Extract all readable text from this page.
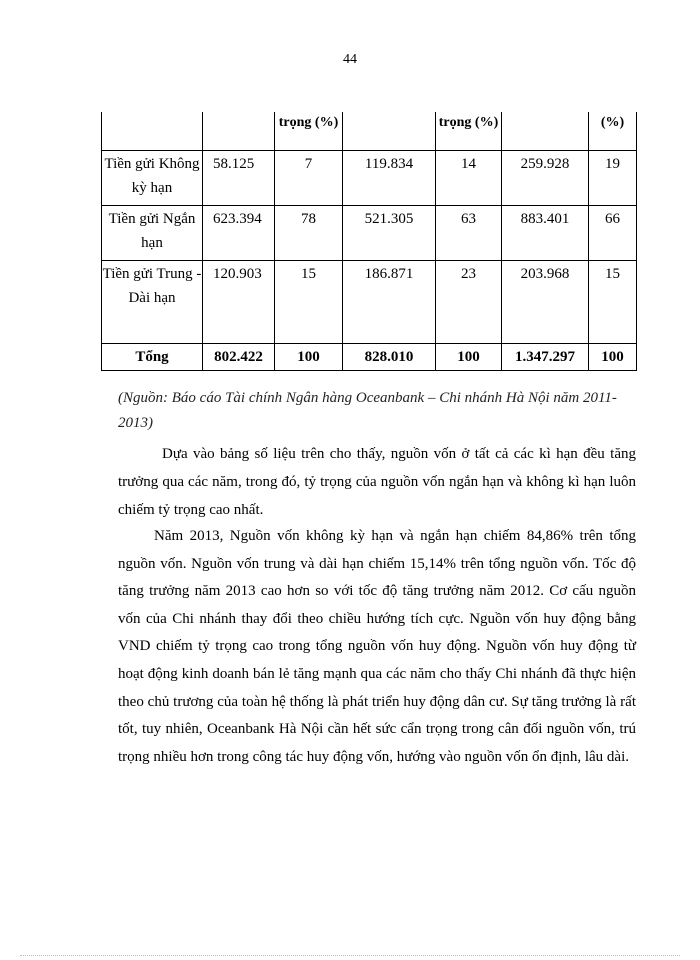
44
		trọng (%)		trọng (%)		(%)
Tiền gửi Không kỳ hạn	58.125	7	119.834	14	259.928	19
Tiền gửi Ngắn hạn	623.394	78	521.305	63	883.401	66
Tiền gửi Trung - Dài hạn	120.903	15	186.871	23	203.968	15
Tổng	802.422	100	828.010	100	1.347.297	100
(Nguồn: Báo cáo Tài chính Ngân hàng Oceanbank – Chi nhánh Hà Nội năm 2011-2013)
Dựa vào bảng số liệu trên cho thấy, nguồn vốn ở tất cả các kì hạn đều tăng trưởng qua các năm, trong đó, tỷ trọng của nguồn vốn ngắn hạn và không kì hạn luôn chiếm tỷ trọng cao nhất.
Năm 2013, Nguồn vốn không kỳ hạn và ngắn hạn chiếm 84,86% trên tổng nguồn vốn. Nguồn vốn trung và dài hạn chiếm 15,14% trên tổng nguồn vốn. Tốc độ tăng trưởng năm 2013 cao hơn so với tốc độ tăng trưởng năm 2012. Cơ cấu nguồn vốn của Chi nhánh thay đổi theo chiều hướng tích cực. Nguồn vốn huy động bằng VND chiếm tỷ trọng cao trong tổng nguồn vốn huy động. Nguồn vốn huy động từ hoạt động kinh doanh bán lẻ tăng mạnh qua các năm cho thấy Chi nhánh đã thực hiện theo chủ trương của toàn hệ thống là phát triển huy động dân cư. Sự tăng trưởng là rất tốt, tuy nhiên, Oceanbank Hà Nội cần hết sức cẩn trọng trong cân đối nguồn vốn, trú trọng nhiều hơn trong công tác huy động vốn, hướng vào nguồn vốn ổn định, lâu dài.
